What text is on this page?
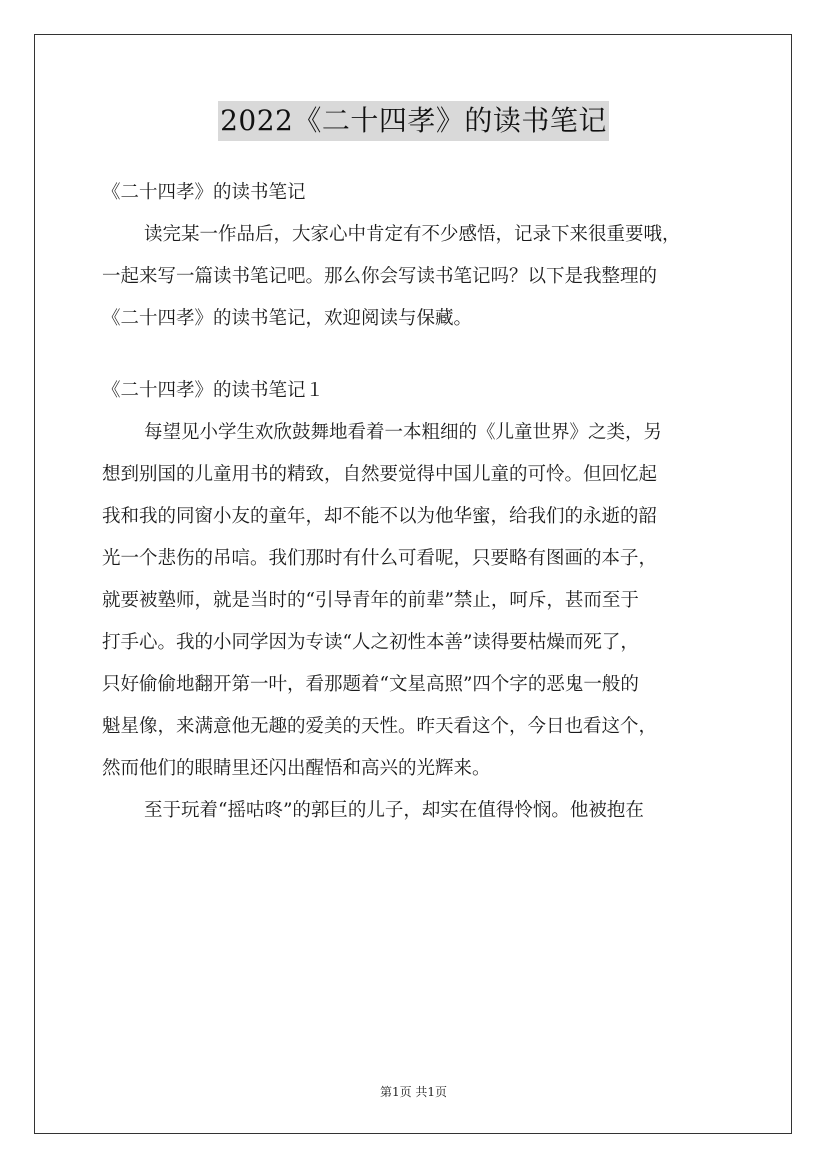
2022《二十四孝》的读书笔记

《二十四孝》的读书笔记

读完某一作品后，大家心中肯定有不少感悟，记录下来很重要哦，

一起来写一篇读书笔记吧。那么你会写读书笔记吗？以下是我整理的

《二十四孝》的读书笔记，欢迎阅读与保藏。

《二十四孝》的读书笔记１

每望见小学生欢欣鼓舞地看着一本粗细的《儿童世界》之类，另

想到别国的儿童用书的精致，自然要觉得中国儿童的可怜。但回忆起

我和我的同窗小友的童年，却不能不以为他华蜜，给我们的永逝的韶

光一个悲伤的吊唁。我们那时有什么可看呢，只要略有图画的本子，

就要被塾师，就是当时的“引导青年的前辈”禁止，呵斥，甚而至于

打手心。我的小同学因为专读“人之初性本善”读得要枯燥而死了，

只好偷偷地翻开第一叶，看那题着“文星高照”四个字的恶鬼一般的

魁星像，来满意他无趣的爱美的天性。昨天看这个，今日也看这个，

然而他们的眼睛里还闪出醒悟和高兴的光辉来。

至于玩着“摇咕咚”的郭巨的儿子，却实在值得怜悯。他被抱在

第1页 共1页
